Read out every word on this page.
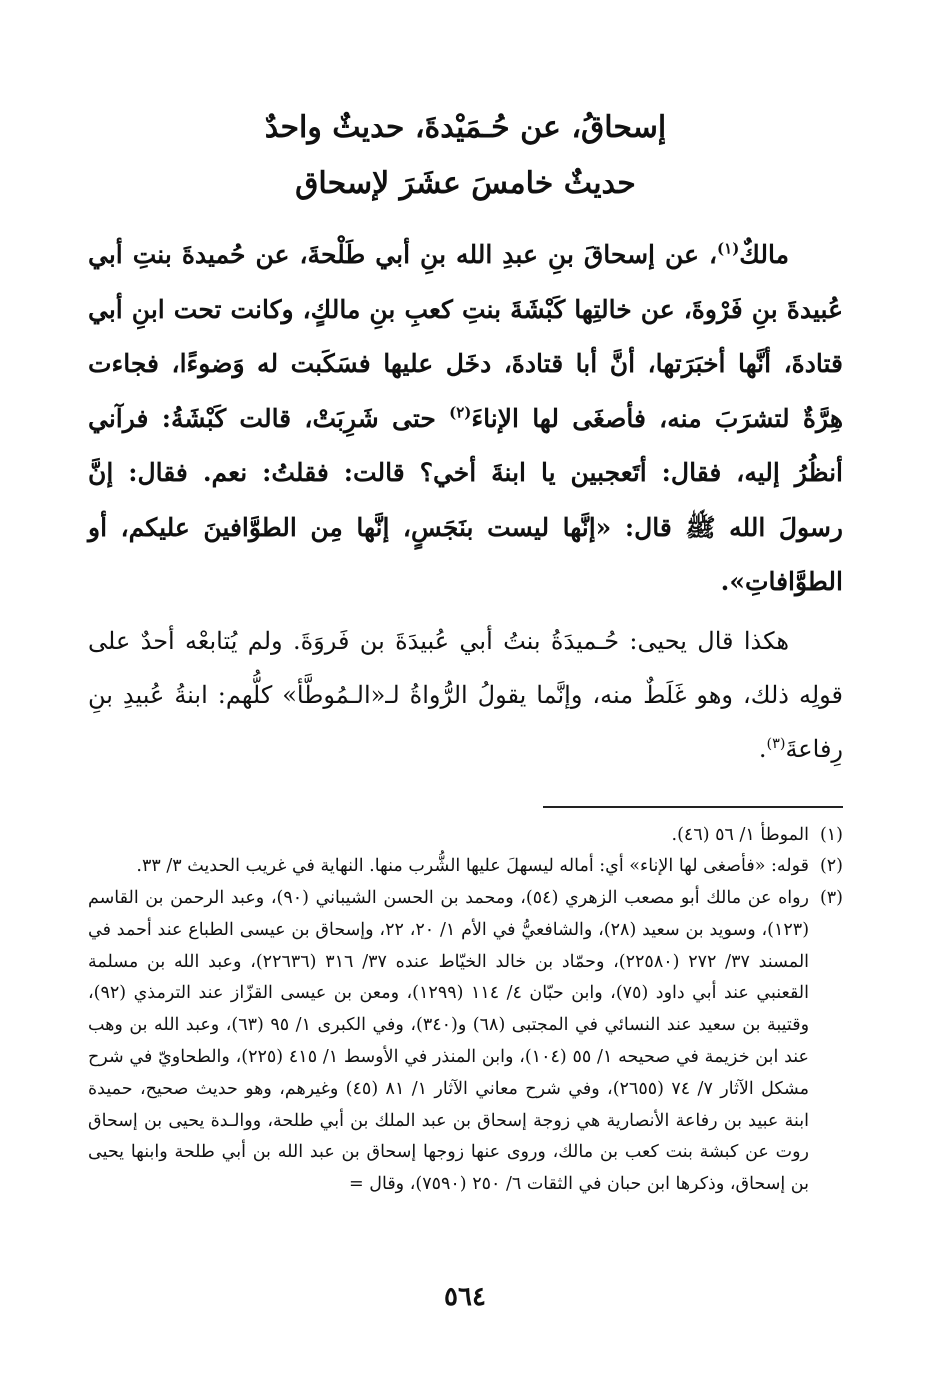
إسحاقُ، عن حُـمَيْدةَ، حديثٌ واحدٌ
حديثٌ خامسَ عشَرَ لإسحاق
مالكٌ$^{(١)}$، عن إسحاقَ بنِ عبدِ الله بنِ أبي طَلْحةَ، عن حُميدةَ بنتِ أبي عُبيدةَ بنِ فَرْوةَ، عن خالتِها كَبْشَةَ بنتِ كعبِ بنِ مالكٍ، وكانت تحت ابنِ أبي قتادةَ، أنَّها أخبَرَتها، أنَّ أبا قتادةَ، دخَل عليها فسَكَبت له وَضوءًا، فجاءت هِرَّةٌ لتشرَبَ منه، فأصغَى لها الإناءَ$^{(٢)}$ حتى شَرِبَتْ، قالت كَبْشَةُ: فرآني أنظُرُ إليه، فقال: أتَعجبين يا ابنةَ أخي؟ قالت: فقلتُ: نعم. فقال: إنَّ رسولَ الله ﷺ قال: «إنَّها ليست بنَجَسٍ، إنَّها مِن الطوَّافينَ عليكم، أو الطوَّافاتِ».
هكذا قال يحيى: حُـميدَةُ بنتُ أبي عُبيدَةَ بن فَروَةَ. ولم يُتابعْه أحدٌ على قولِه ذلك، وهو غَلَطٌ منه، وإنَّما يقولُ الرُّواةُ لـ«الـمُوطَّأ» كلُّهم: ابنةُ عُبيدِ بنِ رِفاعةَ$^{(٣)}$.
(١)
الموطأ ١/ ٥٦ (٤٦).
(٢)
قوله: «فأصغى لها الإناء» أي: أماله ليسهلَ عليها الشُّرب منها. النهاية في غريب الحديث ٣/ ٣٣.
(٣)
رواه عن مالك أبو مصعب الزهري (٥٤)، ومحمد بن الحسن الشيباني (٩٠)، وعبد الرحمن بن القاسم (١٢٣)، وسويد بن سعيد (٢٨)، والشافعيُّ في الأم ١/ ٢٠، ٢٢، وإسحاق بن عيسى الطباع عند أحمد في المسند ٣٧/ ٢٧٢ (٢٢٥٨٠)، وحمّاد بن خالد الخيّاط عنده ٣٧/ ٣١٦ (٢٢٦٣٦)، وعبد الله بن مسلمة القعنبي عند أبي داود (٧٥)، وابن حبّان ٤/ ١١٤ (١٢٩٩)، ومعن بن عيسى القزّاز عند الترمذي (٩٢)، وقتيبة بن سعيد عند النسائي في المجتبى (٦٨) و(٣٤٠)، وفي الكبرى ١/ ٩٥ (٦٣)، وعبد الله بن وهب عند ابن خزيمة في صحيحه ١/ ٥٥ (١٠٤)، وابن المنذر في الأوسط ١/ ٤١٥ (٢٢٥)، والطحاويّ في شرح مشكل الآثار ٧/ ٧٤ (٢٦٥٥)، وفي شرح معاني الآثار ١/ ٨١ (٤٥) وغيرهم، وهو حديث صحيح، حميدة ابنة عبيد بن رفاعة الأنصارية هي زوجة إسحاق بن عبد الملك بن أبي طلحة، ووالـدة يحيى بن إسحاق روت عن كبشة بنت كعب بن مالك، وروى عنها زوجها إسحاق بن عبد الله بن أبي طلحة وابنها يحيى بن إسحاق، وذكرها ابن حبان في الثقات ٦/ ٢٥٠ (٧٥٩٠)، وقال =
٥٦٤
